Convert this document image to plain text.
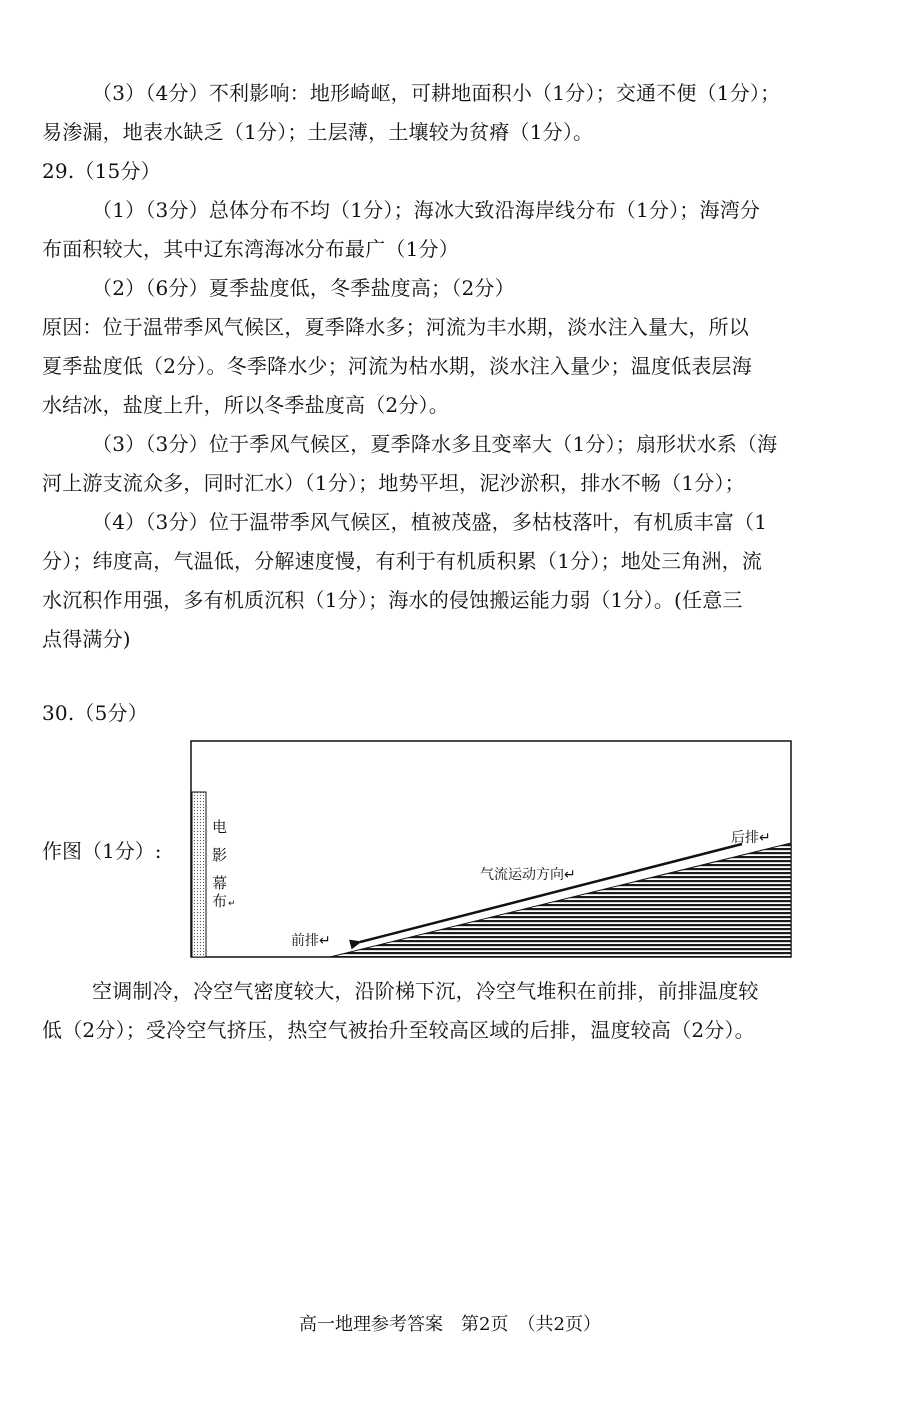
（3）（4分）不利影响：地形崎岖，可耕地面积小（1分）；交通不便（1分）；
易渗漏，地表水缺乏（1分）；土层薄，土壤较为贫瘠（1分）。
29.（15分）
（1）（3分）总体分布不均（1分）；海冰大致沿海岸线分布（1分）；海湾分
布面积较大，其中辽东湾海冰分布最广（1分）
（2）（6分）夏季盐度低，冬季盐度高；（2分）
原因：位于温带季风气候区，夏季降水多；河流为丰水期，淡水注入量大，所以
夏季盐度低（2分）。冬季降水少；河流为枯水期，淡水注入量少；温度低表层海
水结冰，盐度上升，所以冬季盐度高（2分）。
（3）（3分）位于季风气候区，夏季降水多且变率大（1分）；扇形状水系（海
河上游支流众多，同时汇水）（1分）；地势平坦，泥沙淤积，排水不畅（1分）；
（4）（3分）位于温带季风气候区，植被茂盛，多枯枝落叶，有机质丰富（1
分）；纬度高，气温低，分解速度慢，有利于有机质积累（1分）；地处三角洲，流
水沉积作用强，多有机质沉积（1分）；海水的侵蚀搬运能力弱（1分）。(任意三
点得满分)
30.（5分）
作图（1分）:
电
影
幕
布 ↵
后排↵
气流运动方向↵
前排↵
空调制冷，冷空气密度较大，沿阶梯下沉，冷空气堆积在前排，前排温度较
低（2分）；受冷空气挤压，热空气被抬升至较高区域的后排，温度较高（2分）。
高一地理参考答案　第2页　（共2页）
